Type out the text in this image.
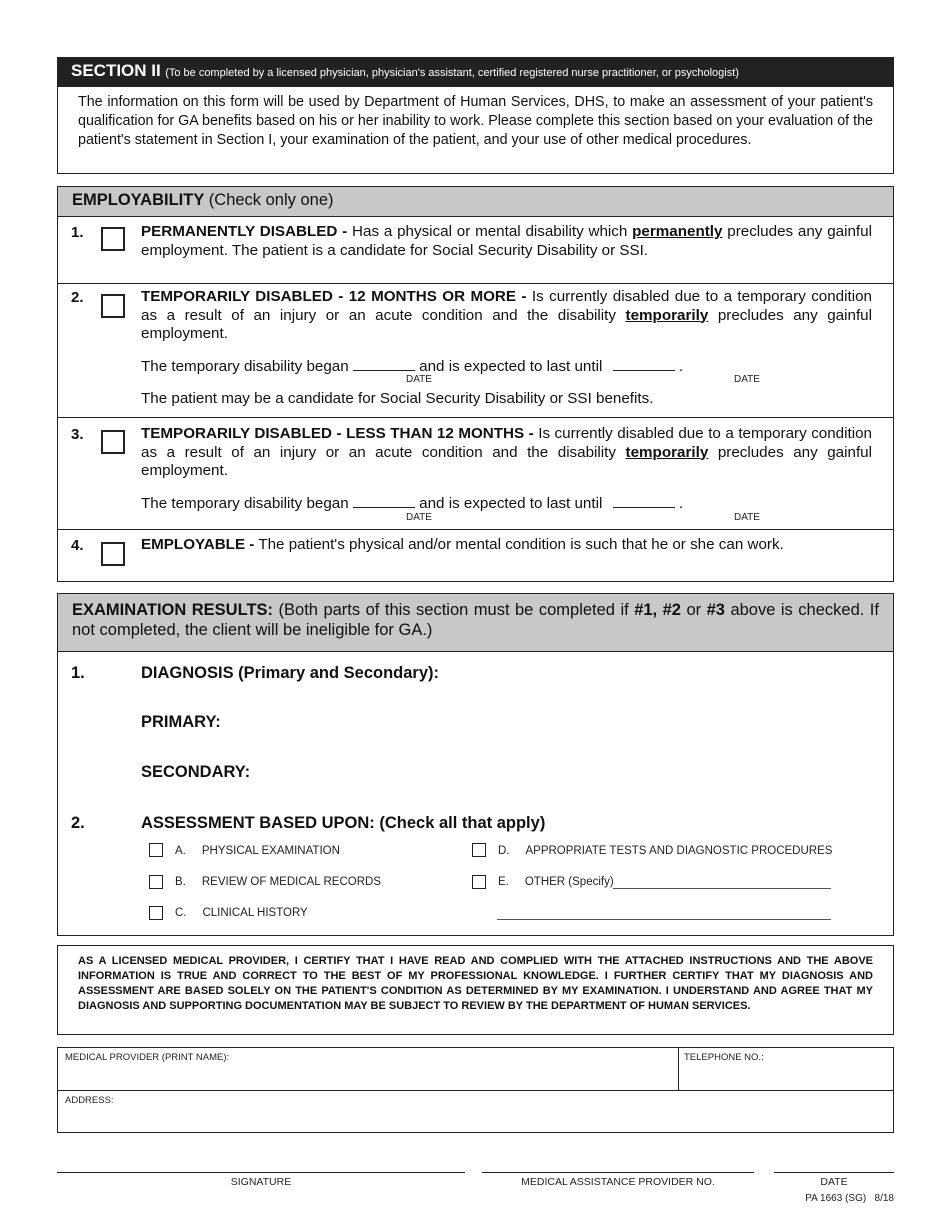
SECTION II (To be completed by a licensed physician, physician's assistant, certified registered nurse practitioner, or psychologist)
The information on this form will be used by Department of Human Services, DHS, to make an assessment of your patient's qualification for GA benefits based on his or her inability to work. Please complete this section based on your evaluation of the patient's statement in Section I, your examination of the patient, and your use of other medical procedures.
EMPLOYABILITY (Check only one)
1.	PERMANENTLY DISABLED - Has a physical or mental disability which permanently precludes any gainful employment. The patient is a candidate for Social Security Disability or SSI.
2.	TEMPORARILY DISABLED - 12 MONTHS OR MORE - Is currently disabled due to a temporary condition as a result of an injury or an acute condition and the disability temporarily precludes any gainful employment.
The temporary disability began	and is expected to last until	.
DATE	DATE
The patient may be a candidate for Social Security Disability or SSI benefits.
3.	TEMPORARILY DISABLED - LESS THAN 12 MONTHS - Is currently disabled due to a temporary condition as a result of an injury or an acute condition and the disability temporarily precludes any gainful employment.
The temporary disability began	and is expected to last until	.
DATE	DATE
4.	EMPLOYABLE - The patient's physical and/or mental condition is such that he or she can work.
EXAMINATION RESULTS: (Both parts of this section must be completed if #1, #2 or #3 above is checked. If not completed, the client will be ineligible for GA.)
1.	DIAGNOSIS (Primary and Secondary):
PRIMARY:
SECONDARY:
2.	ASSESSMENT BASED UPON: (Check all that apply)
A. PHYSICAL EXAMINATION
B. REVIEW OF MEDICAL RECORDS
C. CLINICAL HISTORY
D. APPROPRIATE TESTS AND DIAGNOSTIC PROCEDURES
E. OTHER (Specify)
AS A LICENSED MEDICAL PROVIDER, I CERTIFY THAT I HAVE READ AND COMPLIED WITH THE ATTACHED INSTRUCTIONS AND THE ABOVE INFORMATION IS TRUE AND CORRECT TO THE BEST OF MY PROFESSIONAL KNOWLEDGE. I FURTHER CERTIFY THAT MY DIAGNOSIS AND ASSESSMENT ARE BASED SOLELY ON THE PATIENT'S CONDITION AS DETERMINED BY MY EXAMINATION. I UNDERSTAND AND AGREE THAT MY DIAGNOSIS AND SUPPORTING DOCUMENTATION MAY BE SUBJECT TO REVIEW BY THE DEPARTMENT OF HUMAN SERVICES.
MEDICAL PROVIDER (PRINT NAME):	TELEPHONE NO.:
ADDRESS:
SIGNATURE	MEDICAL ASSISTANCE PROVIDER NO.	DATE
PA 1663 (SG)   8/18
